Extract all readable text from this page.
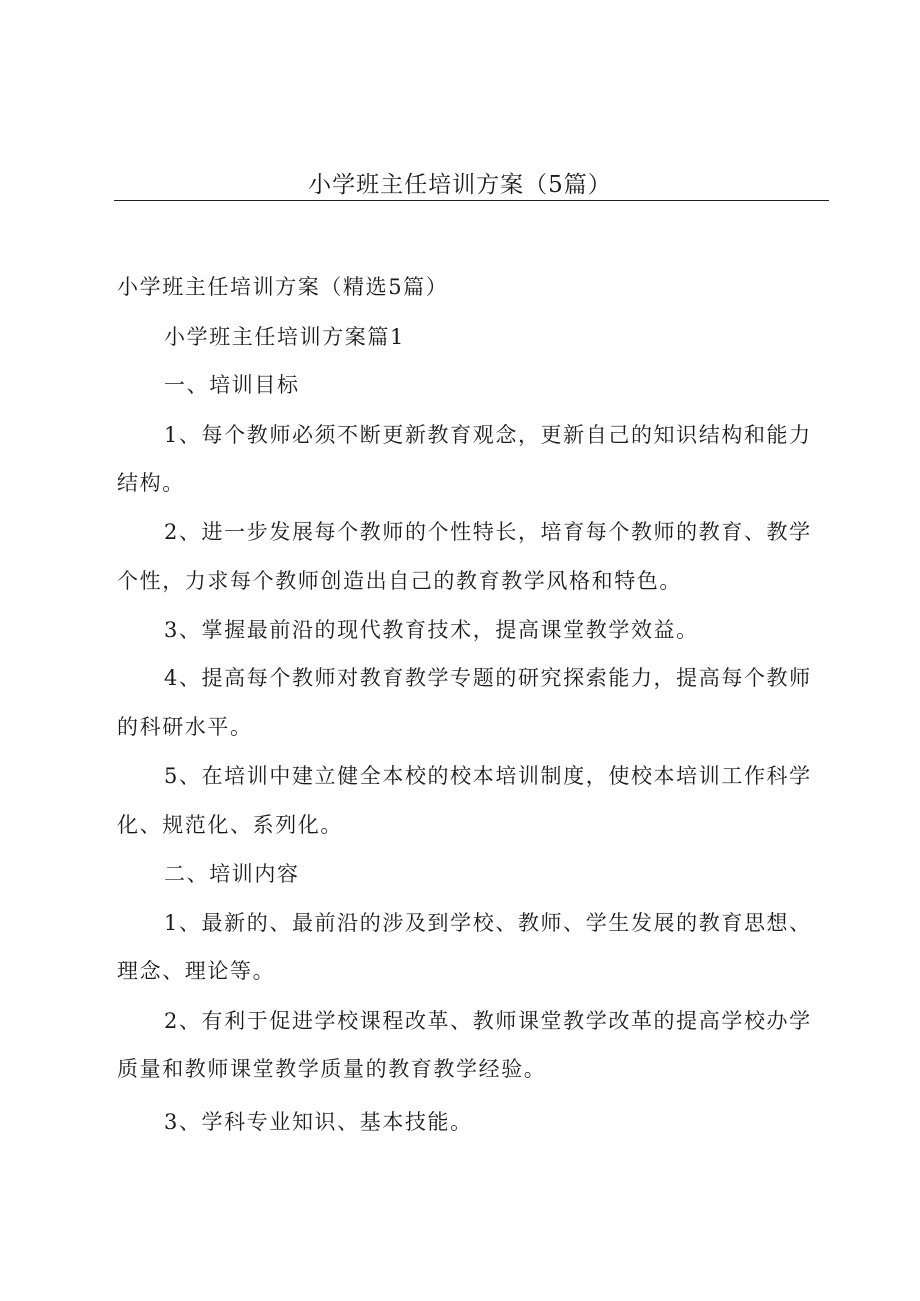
小学班主任培训方案（5篇）

小学班主任培训方案（精选5篇）

小学班主任培训方案篇1

一、培训目标

1、每个教师必须不断更新教育观念，更新自己的知识结构和能力

结构。

2、进一步发展每个教师的个性特长，培育每个教师的教育、教学

个性，力求每个教师创造出自己的教育教学风格和特色。

3、掌握最前沿的现代教育技术，提高课堂教学效益。

4、提高每个教师对教育教学专题的研究探索能力，提高每个教师

的科研水平。

5、在培训中建立健全本校的校本培训制度，使校本培训工作科学

化、规范化、系列化。

二、培训内容

1、最新的、最前沿的涉及到学校、教师、学生发展的教育思想、

理念、理论等。

2、有利于促进学校课程改革、教师课堂教学改革的提高学校办学

质量和教师课堂教学质量的教育教学经验。

3、学科专业知识、基本技能。
